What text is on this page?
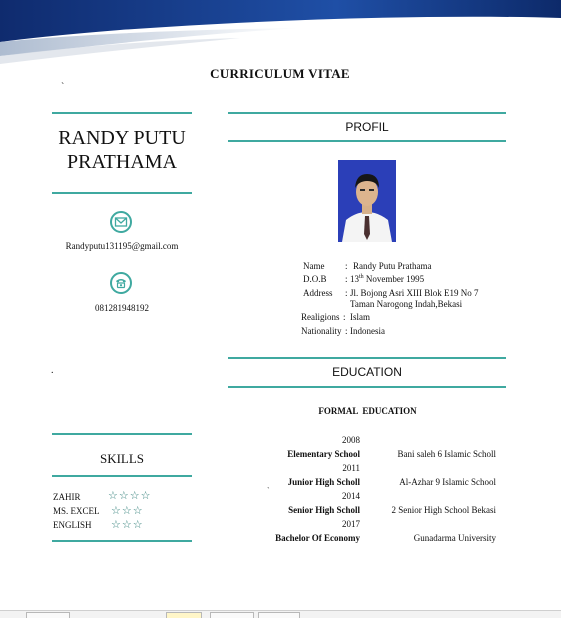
CURRICULUM VITAE
`
RANDY PUTU
PRATHAMA
Randyputu131195@gmail.com
081281948192
.
SKILLS
ZAHIR	☆☆☆☆
MS. EXCEL ☆☆☆
ENGLISH ☆☆☆
PROFIL
Name : Randy Putu Prathama
D.O.B : 13th November 1995
Address : Jl. Bojong Asri XIII Blok E19 No 7
Taman Narogong Indah,Bekasi
Realigions : Islam
Nationality : Indonesia
EDUCATION
FORMAL  EDUCATION
2008
Elementary School	Bani saleh 6 Islamic Scholl
2011
Junior High Scholl	Al-Azhar 9 Islamic School
`
2014
Senior High Scholl	2 Senior High School Bekasi
2017
Bachelor Of Economy	Gunadarma University
